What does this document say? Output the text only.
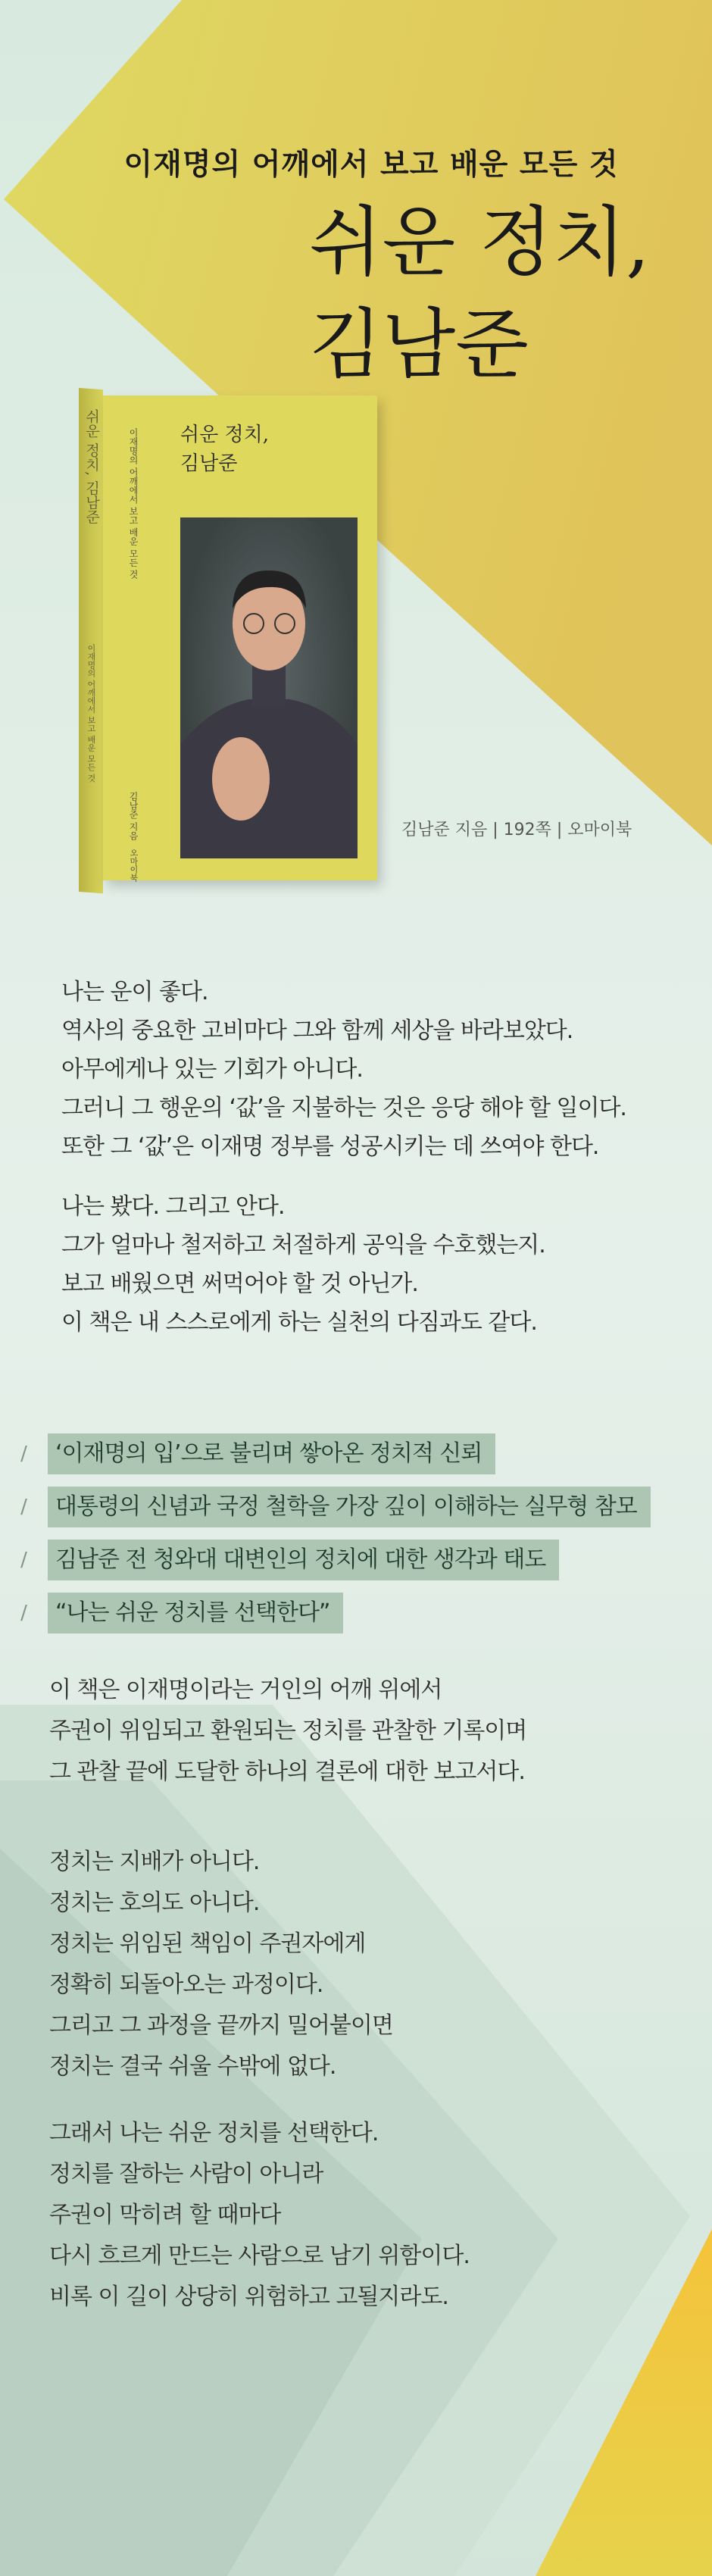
이재명의 어깨에서 보고 배운 모든 것
쉬운 정치,
김남준
쉬운 정치, 김남준
이재명의 어깨에서 보고 배운 모든 것
이재명의 어깨에서 보고 배운 모든 것
김남준 지음
오마이북
쉬운 정치,
김남준
김남준 지음 | 192쪽 | 오마이북
나는 운이 좋다.
역사의 중요한 고비마다 그와 함께 세상을 바라보았다.
아무에게나 있는 기회가 아니다.
그러니 그 행운의 ‘값’을 지불하는 것은 응당 해야 할 일이다.
또한 그 ‘값’은 이재명 정부를 성공시키는 데 쓰여야 한다.
나는 봤다. 그리고 안다.
그가 얼마나 철저하고 처절하게 공익을 수호했는지.
보고 배웠으면 써먹어야 할 것 아닌가.
이 책은 내 스스로에게 하는 실천의 다짐과도 같다.
/	‘이재명의 입’으로 불리며 쌓아온 정치적 신뢰
/	대통령의 신념과 국정 철학을 가장 깊이 이해하는 실무형 참모
/	김남준 전 청와대 대변인의 정치에 대한 생각과 태도
/	“나는 쉬운 정치를 선택한다”
이 책은 이재명이라는 거인의 어깨 위에서
주권이 위임되고 환원되는 정치를 관찰한 기록이며
그 관찰 끝에 도달한 하나의 결론에 대한 보고서다.
정치는 지배가 아니다.
정치는 호의도 아니다.
정치는 위임된 책임이 주권자에게
정확히 되돌아오는 과정이다.
그리고 그 과정을 끝까지 밀어붙이면
정치는 결국 쉬울 수밖에 없다.
그래서 나는 쉬운 정치를 선택한다.
정치를 잘하는 사람이 아니라
주권이 막히려 할 때마다
다시 흐르게 만드는 사람으로 남기 위함이다.
비록 이 길이 상당히 위험하고 고될지라도.
